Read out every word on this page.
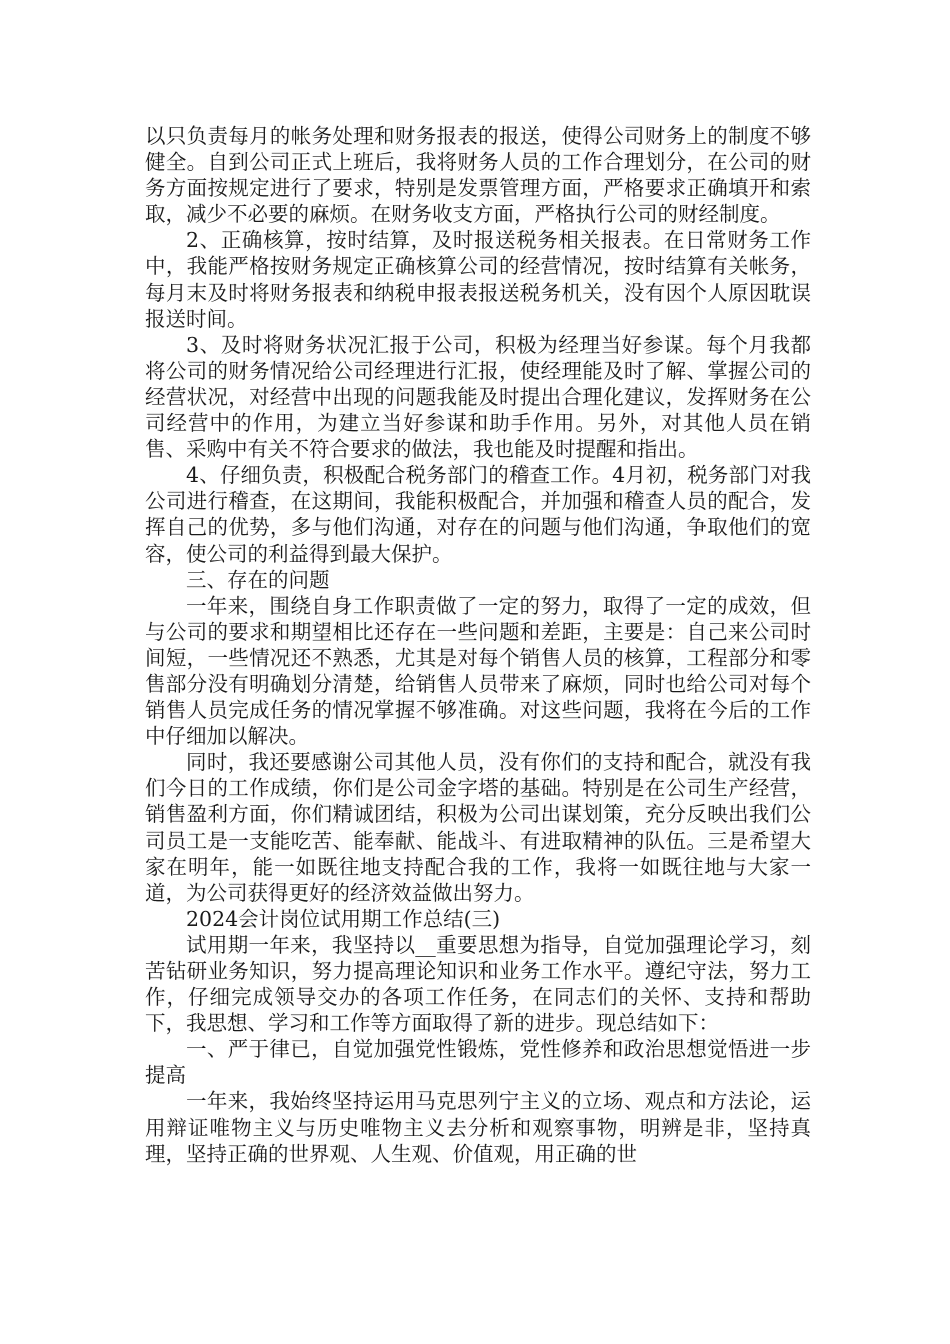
以只负责每月的帐务处理和财务报表的报送，使得公司财务上的制度不够健全。自到公司正式上班后，我将财务人员的工作合理划分，在公司的财务方面按规定进行了要求，特别是发票管理方面，严格要求正确填开和索取，减少不必要的麻烦。在财务收支方面，严格执行公司的财经制度。

2、正确核算，按时结算，及时报送税务相关报表。在日常财务工作中，我能严格按财务规定正确核算公司的经营情况，按时结算有关帐务，每月末及时将财务报表和纳税申报表报送税务机关，没有因个人原因耽误报送时间。

3、及时将财务状况汇报于公司，积极为经理当好参谋。每个月我都将公司的财务情况给公司经理进行汇报，使经理能及时了解、掌握公司的经营状况，对经营中出现的问题我能及时提出合理化建议，发挥财务在公司经营中的作用，为建立当好参谋和助手作用。另外，对其他人员在销售、采购中有关不符合要求的做法，我也能及时提醒和指出。

4、仔细负责，积极配合税务部门的稽查工作。4月初，税务部门对我公司进行稽查，在这期间，我能积极配合，并加强和稽查人员的配合，发挥自己的优势，多与他们沟通，对存在的问题与他们沟通，争取他们的宽容，使公司的利益得到最大保护。

三、存在的问题

一年来，围绕自身工作职责做了一定的努力，取得了一定的成效，但与公司的要求和期望相比还存在一些问题和差距，主要是：自己来公司时间短，一些情况还不熟悉，尤其是对每个销售人员的核算，工程部分和零售部分没有明确划分清楚，给销售人员带来了麻烦，同时也给公司对每个销售人员完成任务的情况掌握不够准确。对这些问题，我将在今后的工作中仔细加以解决。

同时，我还要感谢公司其他人员，没有你们的支持和配合，就没有我们今日的工作成绩，你们是公司金字塔的基础。特别是在公司生产经营，销售盈利方面，你们精诚团结，积极为公司出谋划策，充分反映出我们公司员工是一支能吃苦、能奉献、能战斗、有进取精神的队伍。三是希望大家在明年，能一如既往地支持配合我的工作，我将一如既往地与大家一道，为公司获得更好的经济效益做出努力。

2024会计岗位试用期工作总结(三)

试用期一年来，我坚持以__重要思想为指导，自觉加强理论学习，刻苦钻研业务知识，努力提高理论知识和业务工作水平。遵纪守法，努力工作，仔细完成领导交办的各项工作任务，在同志们的关怀、支持和帮助下，我思想、学习和工作等方面取得了新的进步。现总结如下：

一、严于律已，自觉加强党性锻炼，党性修养和政治思想觉悟进一步提高

一年来，我始终坚持运用马克思列宁主义的立场、观点和方法论，运用辩证唯物主义与历史唯物主义去分析和观察事物，明辨是非，坚持真理，坚持正确的世界观、人生观、价值观，用正确的世
